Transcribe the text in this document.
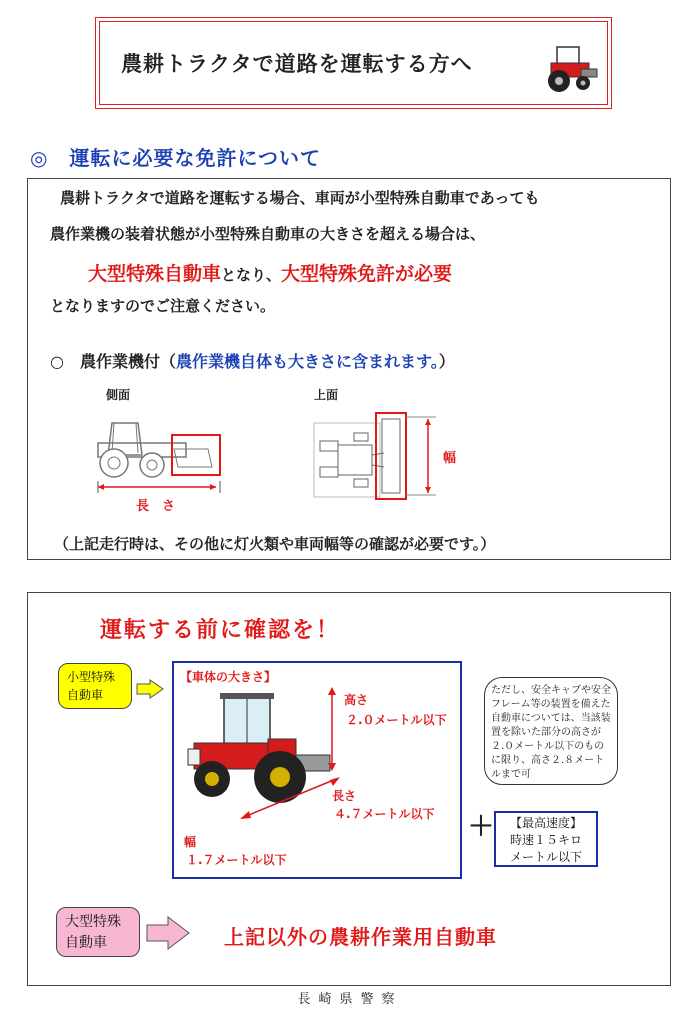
農耕トラクタで道路を運転する方へ
◎　運転に必要な免許について
農耕トラクタで道路を運転する場合、車両が小型特殊自動車であっても
農作業機の装着状態が小型特殊自動車の大きさを超える場合は、
大型特殊自動車となり、大型特殊免許が必要
となりますのでご注意ください。
○　農作業機付（農作業機自体も大きさに含まれます。）
側面
長　さ
上面
幅
（上記走行時は、その他に灯火類や車両幅等の確認が必要です。）
運転する前に確認を！
小型特殊
自動車
【車体の大きさ】
高さ
２.０メートル以下
長さ
４.７メートル以下
幅
１.７メートル以下
ただし、安全キャブや安全フレーム等の装置を備えた自動車については、当該装置を除いた部分の高さが２.０メートル以下のものに限り、高さ２.８メートルまで可
＋	【最高速度】
時速１５キロ
メートル以下
大型特殊
自動車	上記以外の農耕作業用自動車
長崎県警察
